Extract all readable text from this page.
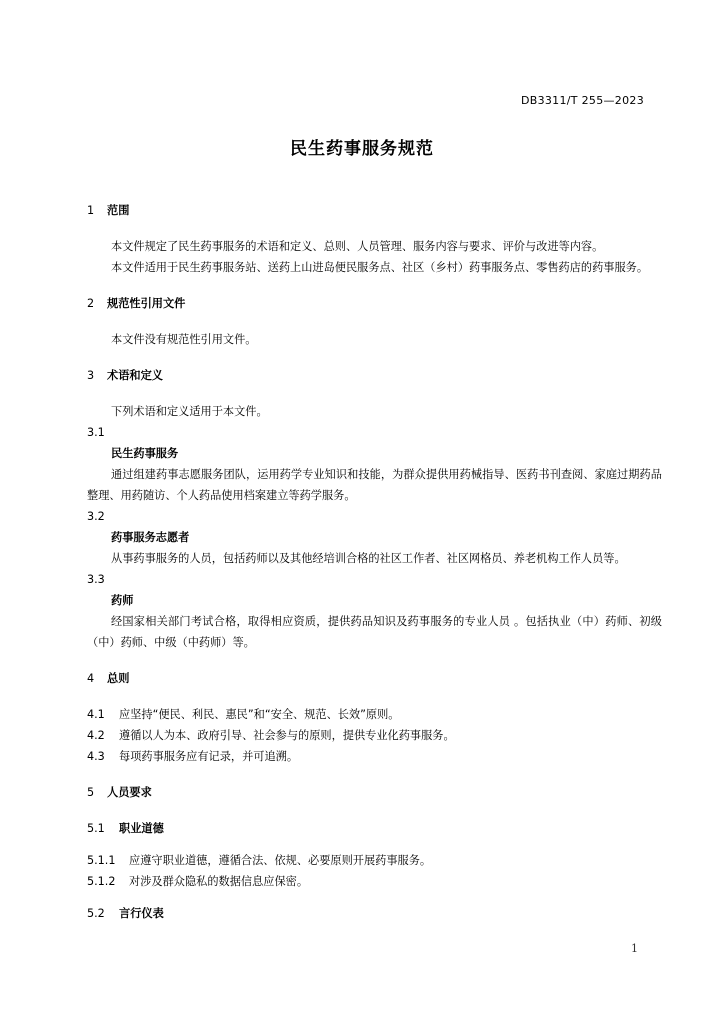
DB3311/T 255—2023
民生药事服务规范

1 范围

本文件规定了民生药事服务的术语和定义、总则、人员管理、服务内容与要求、评价与改进等内容。

本文件适用于民生药事服务站、送药上山进岛便民服务点、社区（乡村）药事服务点、零售药店的药事服务。

2 规范性引用文件

本文件没有规范性引用文件。

3 术语和定义

下列术语和定义适用于本文件。

3.1

民生药事服务

通过组建药事志愿服务团队，运用药学专业知识和技能，为群众提供用药械指导、医药书刊查阅、家庭过期药品整理、用药随访、个人药品使用档案建立等药学服务。

3.2

药事服务志愿者

从事药事服务的人员，包括药师以及其他经培训合格的社区工作者、社区网格员、养老机构工作人员等。

3.3

药师

经国家相关部门考试合格，取得相应资质，提供药品知识及药事服务的专业人员 。包括执业（中）药师、初级（中）药师、中级（中药师）等。

4 总则

4.1 应坚持“便民、利民、惠民”和“安全、规范、长效”原则。

4.2 遵循以人为本、政府引导、社会参与的原则，提供专业化药事服务。

4.3 每项药事服务应有记录，并可追溯。

5 人员要求

5.1 职业道德

5.1.1 应遵守职业道德，遵循合法、依规、必要原则开展药事服务。

5.1.2 对涉及群众隐私的数据信息应保密。

5.2 言行仪表

1
